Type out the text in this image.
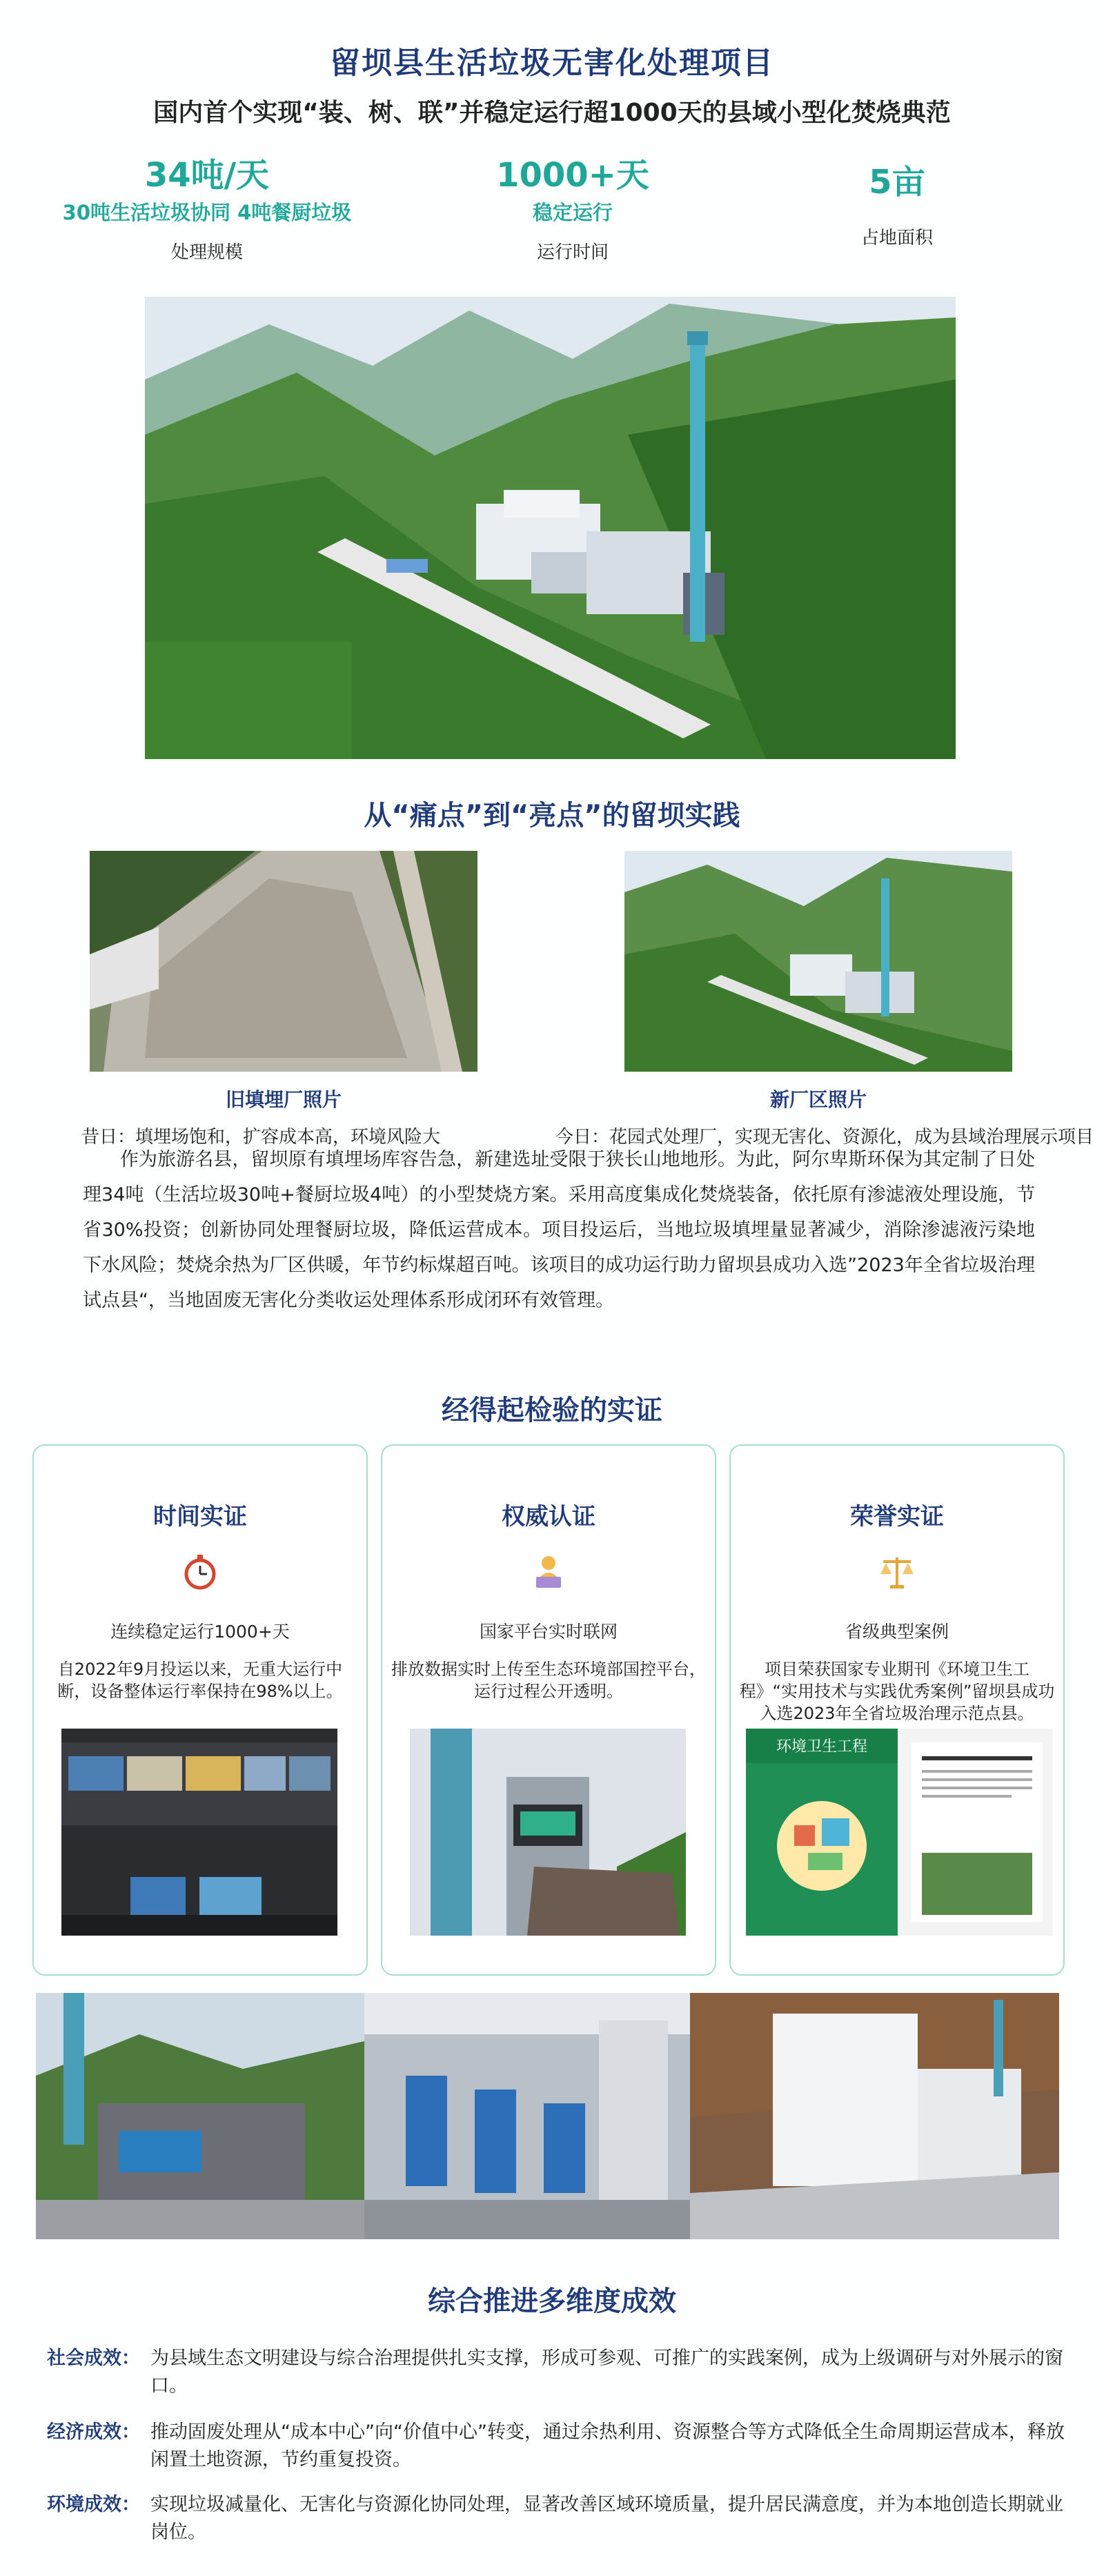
留坝县生活垃圾无害化处理项目
国内首个实现“装、树、联”并稳定运行超1000天的县域小型化焚烧典范
34吨/天
30吨生活垃圾协同 4吨餐厨垃圾
处理规模
1000+天
稳定运行
运行时间
5亩
占地面积
从“痛点”到“亮点”的留坝实践
旧填埋厂照片	新厂区照片
昔日：填埋场饱和，扩容成本高，环境风险大	今日：花园式处理厂，实现无害化、资源化，成为县域治理展示项目
作为旅游名县，留坝原有填埋场库容告急，新建选址受限于狭长山地地形。为此，阿尔卑斯环保为其定制了日处理34吨（生活垃圾30吨+餐厨垃圾4吨）的小型焚烧方案。采用高度集成化焚烧装备，依托原有渗滤液处理设施，节省30%投资；创新协同处理餐厨垃圾，降低运营成本。项目投运后，当地垃圾填埋量显著减少，消除渗滤液污染地下水风险；焚烧余热为厂区供暖，年节约标煤超百吨。该项目的成功运行助力留坝县成功入选”2023年全省垃圾治理试点县“，当地固废无害化分类收运处理体系形成闭环有效管理。
经得起检验的实证
时间实证
连续稳定运行1000+天
自2022年9月投运以来，无重大运行中断，设备整体运行率保持在98%以上。
权威认证
国家平台实时联网
排放数据实时上传至生态环境部国控平台，运行过程公开透明。
荣誉实证
省级典型案例
项目荣获国家专业期刊《环境卫生工程》“实用技术与实践优秀案例”留坝县成功入选2023年全省垃圾治理示范点县。
环境卫生工程
综合推进多维度成效
社会成效： 为县域生态文明建设与综合治理提供扎实支撑，形成可参观、可推广的实践案例，成为上级调研与对外展示的窗口。
经济成效： 推动固废处理从“成本中心”向“价值中心”转变，通过余热利用、资源整合等方式降低全生命周期运营成本，释放闲置土地资源，节约重复投资。
环境成效： 实现垃圾减量化、无害化与资源化协同处理，显著改善区域环境质量，提升居民满意度，并为本地创造长期就业岗位。
